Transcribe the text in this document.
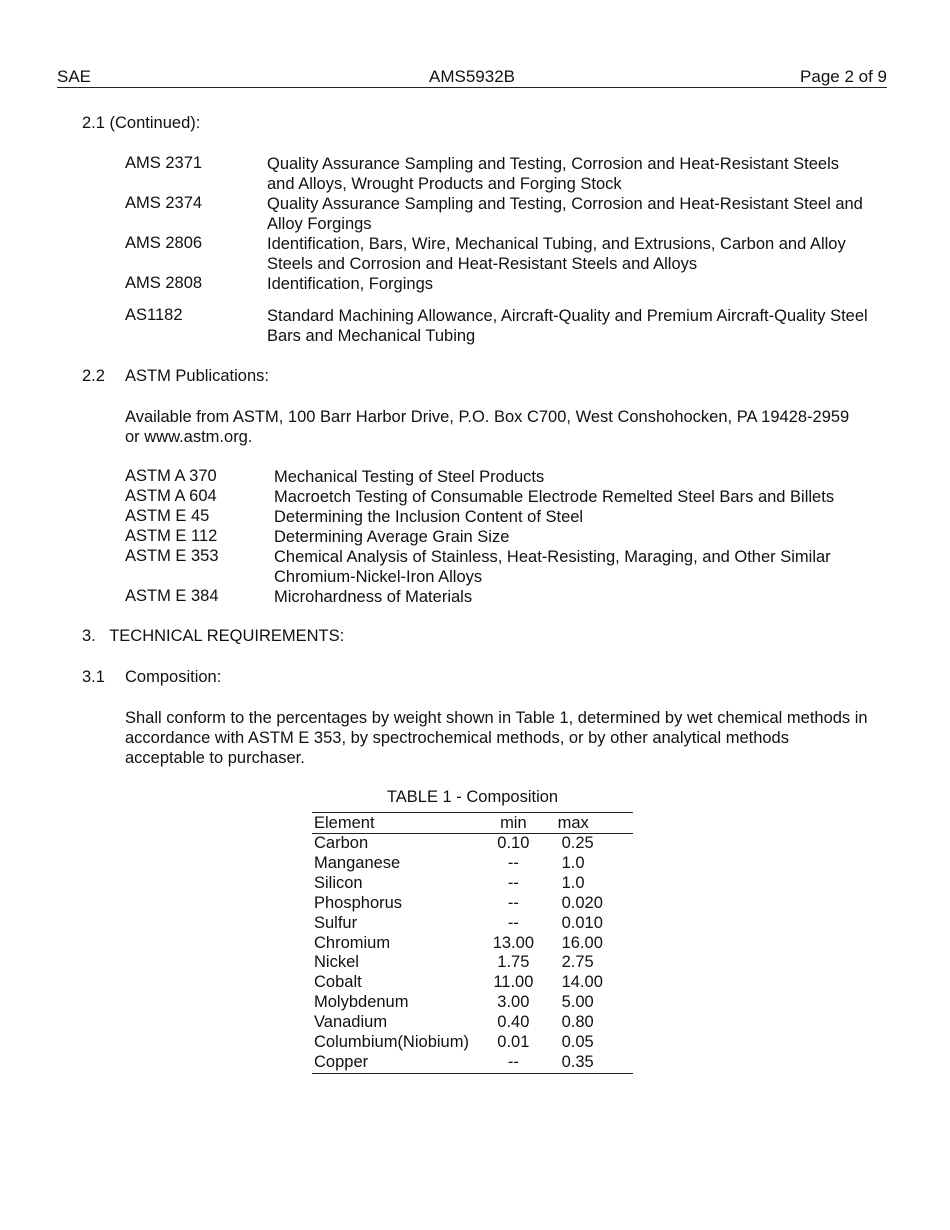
SAE	AMS5932B	Page 2 of 9
2.1 (Continued):
AMS 2371	Quality Assurance Sampling and Testing, Corrosion and Heat-Resistant Steels and Alloys, Wrought Products and Forging Stock
AMS 2374	Quality Assurance Sampling and Testing, Corrosion and Heat-Resistant Steel and Alloy Forgings
AMS 2806	Identification, Bars, Wire, Mechanical Tubing, and Extrusions, Carbon and Alloy Steels and Corrosion and Heat-Resistant Steels and Alloys
AMS 2808	Identification, Forgings
AS1182	Standard Machining Allowance, Aircraft-Quality and Premium Aircraft-Quality Steel Bars and Mechanical Tubing
2.2 ASTM Publications:
Available from ASTM, 100 Barr Harbor Drive, P.O. Box C700, West Conshohocken, PA 19428-2959 or www.astm.org.
ASTM A 370	Mechanical Testing of Steel Products
ASTM A 604	Macroetch Testing of Consumable Electrode Remelted Steel Bars and Billets
ASTM E 45	Determining the Inclusion Content of Steel
ASTM E 112	Determining Average Grain Size
ASTM E 353	Chemical Analysis of Stainless, Heat-Resisting, Maraging, and Other Similar Chromium-Nickel-Iron Alloys
ASTM E 384	Microhardness of Materials
3.   TECHNICAL REQUIREMENTS:
3.1 Composition:
Shall conform to the percentages by weight shown in Table 1, determined by wet chemical methods in accordance with ASTM E 353, by spectrochemical methods, or by other analytical methods acceptable to purchaser.
TABLE 1 - Composition
Element	min	max
Carbon	0.10	0.25
Manganese	--	1.0
Silicon	--	1.0
Phosphorus	--	0.020
Sulfur	--	0.010
Chromium	13.00	16.00
Nickel	1.75	2.75
Cobalt	11.00	14.00
Molybdenum	3.00	5.00
Vanadium	0.40	0.80
Columbium(Niobium)	0.01	0.05
Copper	--	0.35
